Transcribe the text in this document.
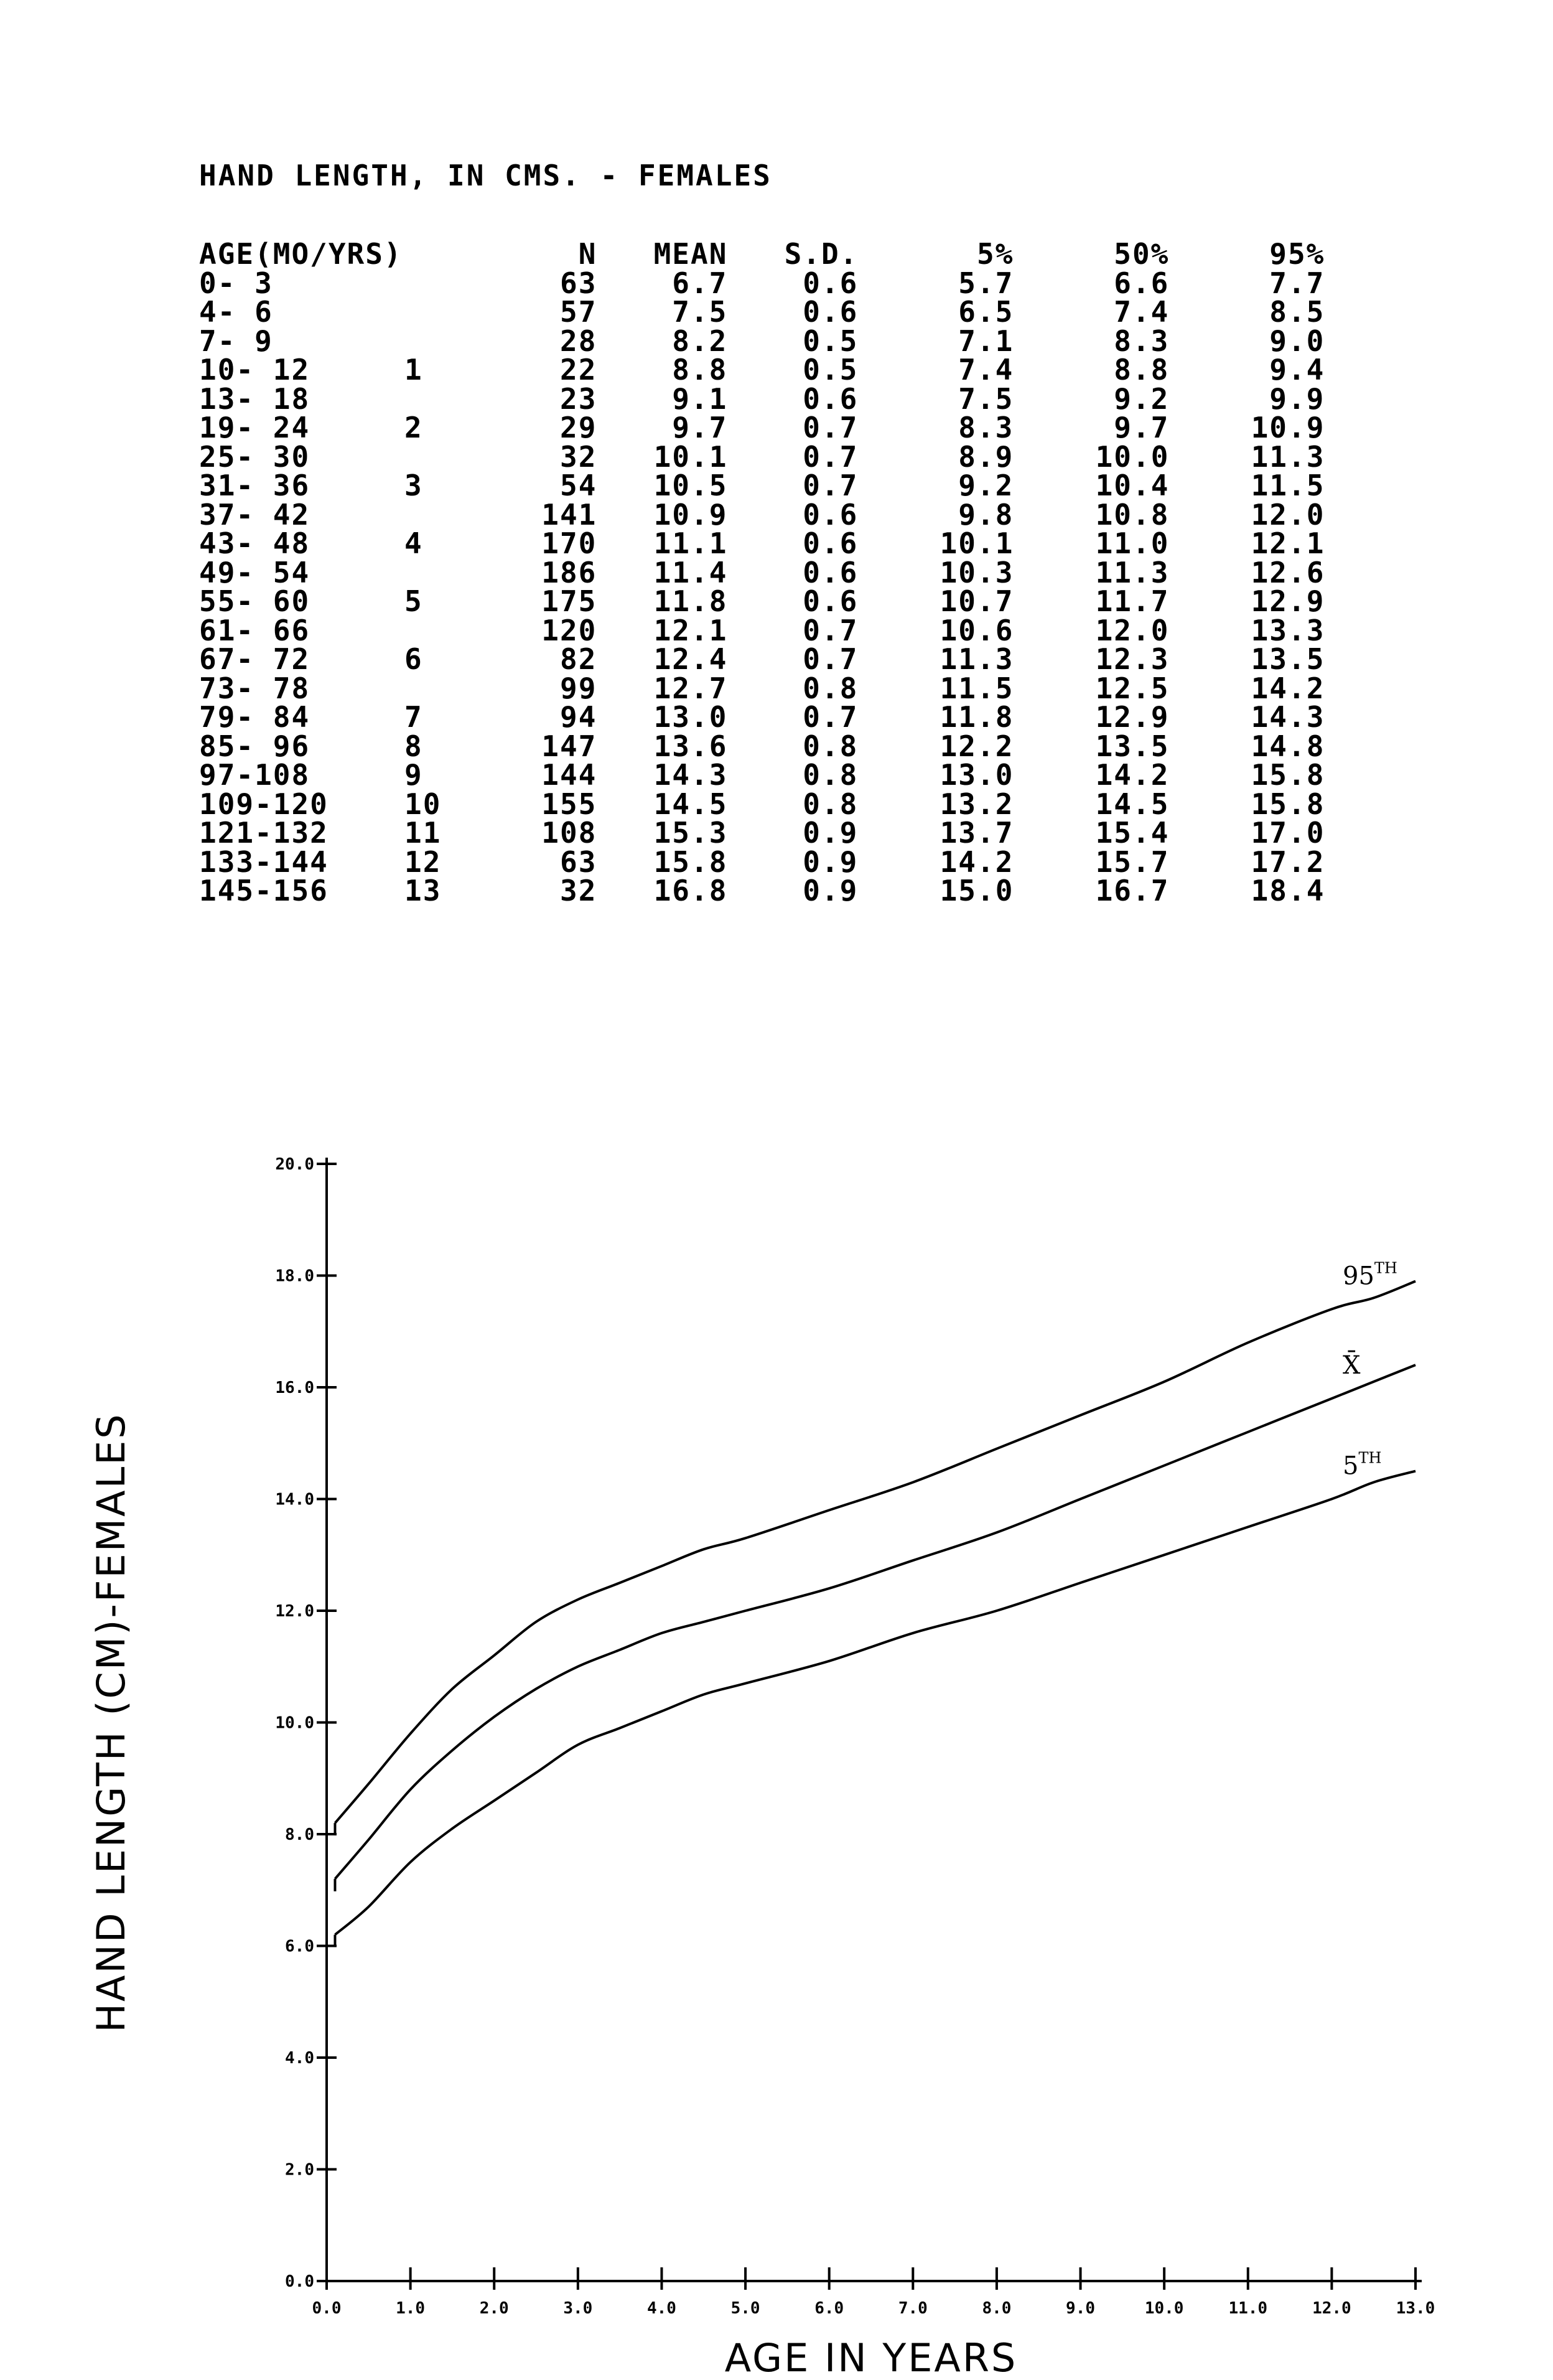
HAND LENGTH, IN CMS. - FEMALES
AGE(MO/YRS)		N	MEAN	S.D.	5%	50%	95%
0- 3		63	6.7	0.6	5.7	6.6	7.7
4- 6		57	7.5	0.6	6.5	7.4	8.5
7- 9		28	8.2	0.5	7.1	8.3	9.0
10- 12	1	22	8.8	0.5	7.4	8.8	9.4
13- 18		23	9.1	0.6	7.5	9.2	9.9
19- 24	2	29	9.7	0.7	8.3	9.7	10.9
25- 30		32	10.1	0.7	8.9	10.0	11.3
31- 36	3	54	10.5	0.7	9.2	10.4	11.5
37- 42		141	10.9	0.6	9.8	10.8	12.0
43- 48	4	170	11.1	0.6	10.1	11.0	12.1
49- 54		186	11.4	0.6	10.3	11.3	12.6
55- 60	5	175	11.8	0.6	10.7	11.7	12.9
61- 66		120	12.1	0.7	10.6	12.0	13.3
67- 72	6	82	12.4	0.7	11.3	12.3	13.5
73- 78		99	12.7	0.8	11.5	12.5	14.2
79- 84	7	94	13.0	0.7	11.8	12.9	14.3
85- 96	8	147	13.6	0.8	12.2	13.5	14.8
97-108	9	144	14.3	0.8	13.0	14.2	15.8
109-120	10	155	14.5	0.8	13.2	14.5	15.8
121-132	11	108	15.3	0.9	13.7	15.4	17.0
133-144	12	63	15.8	0.9	14.2	15.7	17.2
145-156	13	32	16.8	0.9	15.0	16.7	18.4
0.0
2.0
4.0
6.0
8.0
10.0
12.0
14.0
16.0
18.0
20.0
0.0	1.0	2.0	3.0	4.0	5.0	6.0	7.0	8.0	9.0	10.0	11.0	12.0	13.0
95TH
X̄
5TH
AGE IN YEARS
HAND LENGTH (CM)-FEMALES
